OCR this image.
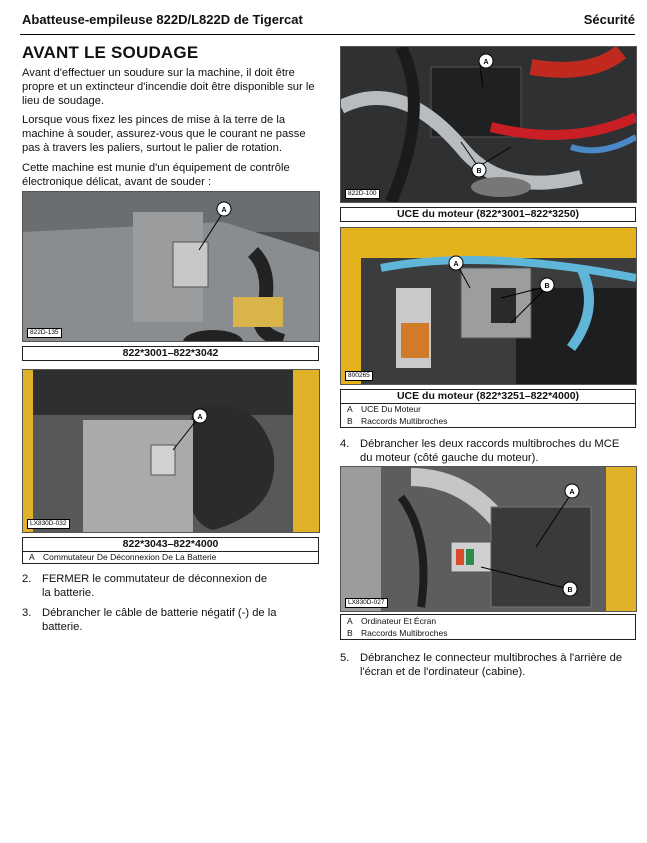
Abatteuse-empileuse 822D/L822D de Tigercat	Sécurité
AVANT LE SOUDAGE

Avant d'effectuer un soudure sur la machine, il doit être propre et un extincteur d'incendie doit être disponible sur le lieu de soudage.

Lorsque vous fixez les pinces de mise à la terre de la machine à souder, assurez-vous que le courant ne passe pas à travers les paliers, surtout le palier de rotation.

Cette machine est munie d'un équipement de contrôle électronique délicat, avant de souder :

A
822D-135
822*3001–822*3042
A
LX830D-032
822*3043–822*4000
A Commutateur De Déconnexion De La Batterie
2. FERMER le commutateur de déconnexion de la batterie.
3. Débrancher le câble de batterie négatif (-) de la batterie.
A
B
822D-100
UCE du moteur (822*3001–822*3250)
A
B
800265
UCE du moteur (822*3251–822*4000)
A UCE Du Moteur
B Raccords Multibroches
4. Débrancher les deux raccords multibroches du MCE du moteur (côté gauche du moteur).
A
B
LX830D-027
A Ordinateur Et Écran
B Raccords Multibroches
5. Débranchez le connecteur multibroches à l'arrière de l'écran et de l'ordinateur (cabine).
